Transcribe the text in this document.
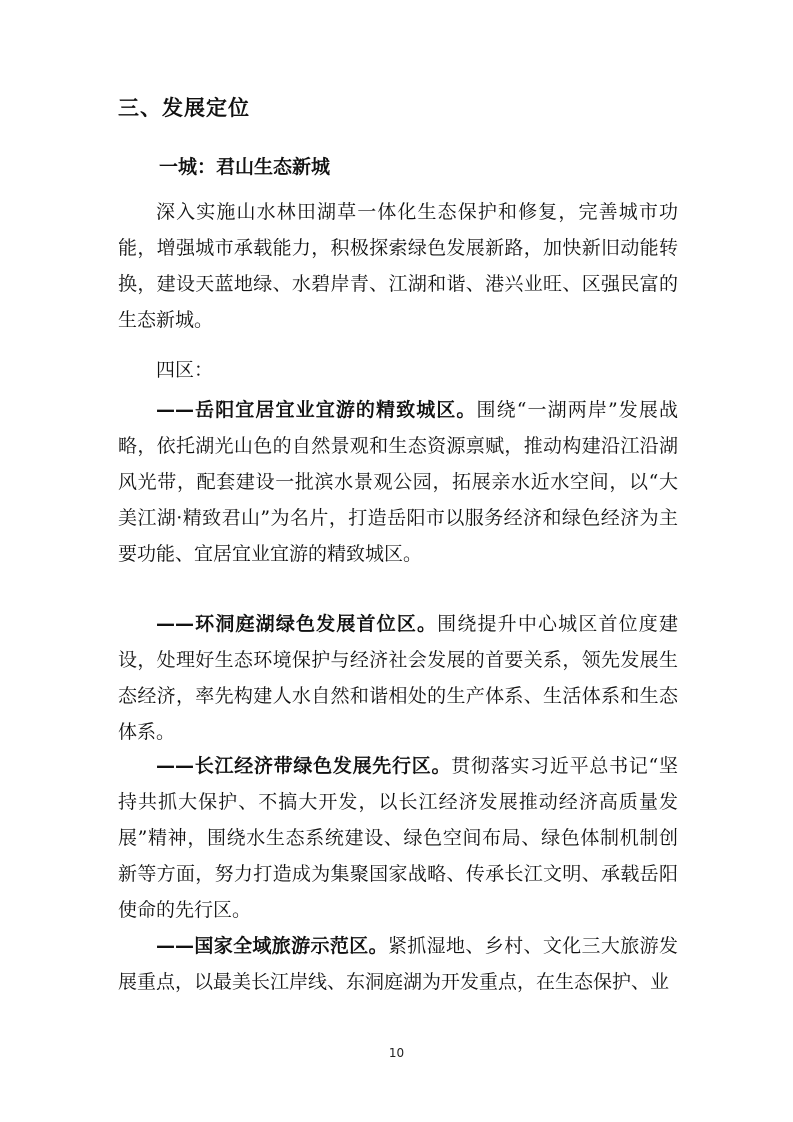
三、发展定位
一城：君山生态新城
深入实施山水林田湖草一体化生态保护和修复，完善城市功能，增强城市承载能力，积极探索绿色发展新路，加快新旧动能转换，建设天蓝地绿、水碧岸青、江湖和谐、港兴业旺、区强民富的生态新城。
四区：
——岳阳宜居宜业宜游的精致城区。围绕“一湖两岸”发展战略，依托湖光山色的自然景观和生态资源禀赋，推动构建沿江沿湖风光带，配套建设一批滨水景观公园，拓展亲水近水空间，以“大美江湖·精致君山”为名片，打造岳阳市以服务经济和绿色经济为主要功能、宜居宜业宜游的精致城区。
——环洞庭湖绿色发展首位区。围绕提升中心城区首位度建设，处理好生态环境保护与经济社会发展的首要关系，领先发展生态经济，率先构建人水自然和谐相处的生产体系、生活体系和生态体系。
——长江经济带绿色发展先行区。贯彻落实习近平总书记“坚持共抓大保护、不搞大开发，以长江经济发展推动经济高质量发展”精神，围绕水生态系统建设、绿色空间布局、绿色体制机制创新等方面，努力打造成为集聚国家战略、传承长江文明、承载岳阳使命的先行区。
——国家全域旅游示范区。紧抓湿地、乡村、文化三大旅游发展重点，以最美长江岸线、东洞庭湖为开发重点，在生态保护、业
10
